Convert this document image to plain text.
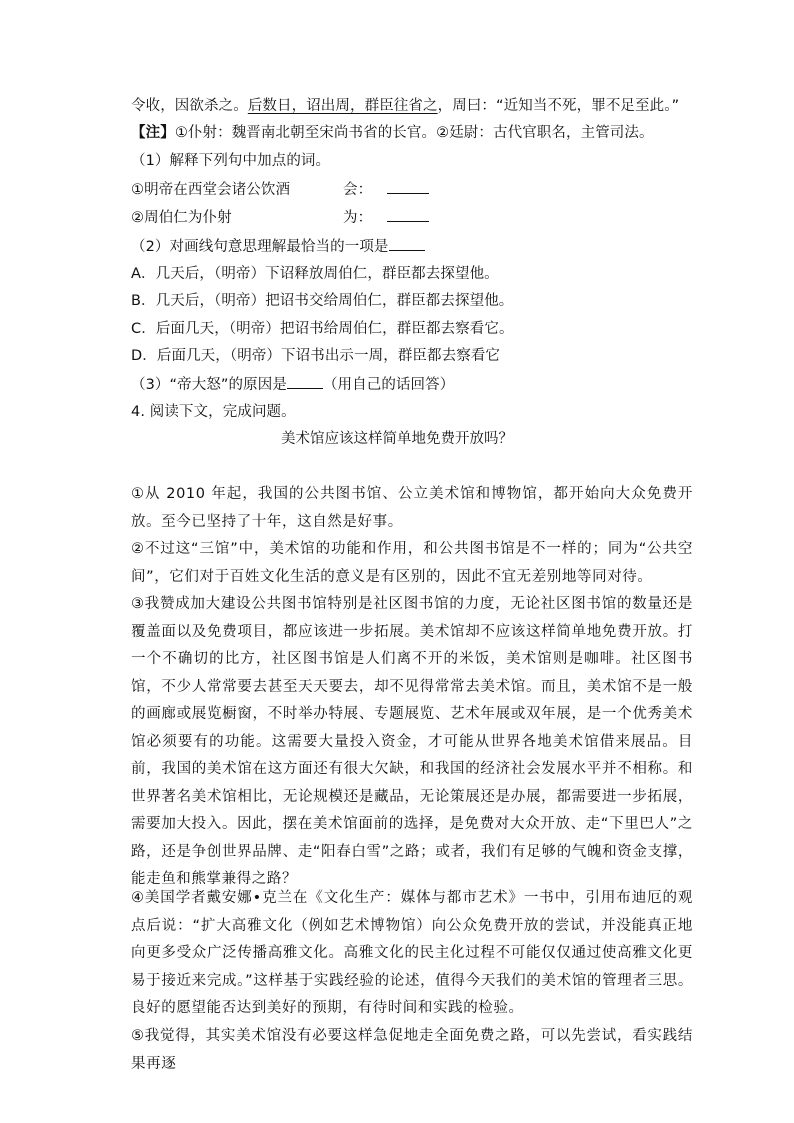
令收，因欲杀之。后数日，诏出周，群臣往省之，周曰：“近知当不死，罪不足至此。”
【注】①仆射：魏晋南北朝至宋尚书省的长官。②廷尉：古代官职名，主管司法。
（1）解释下列句中加点的词。
①明帝在西堂会诸公饮酒	会：
②周伯仁为仆射	为：
（2）对画线句意思理解最恰当的一项是
A．几天后，（明帝）下诏释放周伯仁，群臣都去探望他。
B．几天后，（明帝）把诏书交给周伯仁，群臣都去探望他。
C．后面几天，（明帝）把诏书给周伯仁，群臣都去察看它。
D．后面几天，（明帝）下诏书出示一周，群臣都去察看它
（3）“帝大怒”的原因是 （用自己的话回答）
4. 阅读下文，完成问题。
美术馆应该这样简单地免费开放吗？
①从 2010 年起，我国的公共图书馆、公立美术馆和博物馆，都开始向大众免费开放。至今已坚持了十年，这自然是好事。
②不过这“三馆”中，美术馆的功能和作用，和公共图书馆是不一样的；同为“公共空间”，它们对于百姓文化生活的意义是有区别的，因此不宜无差别地等同对待。
③我赞成加大建设公共图书馆特别是社区图书馆的力度，无论社区图书馆的数量还是覆盖面以及免费项目，都应该进一步拓展。美术馆却不应该这样简单地免费开放。打一个不确切的比方，社区图书馆是人们离不开的米饭，美术馆则是咖啡。社区图书馆，不少人常常要去甚至天天要去，却不见得常常去美术馆。而且，美术馆不是一般的画廊或展览橱窗，不时举办特展、专题展览、艺术年展或双年展，是一个优秀美术馆必须要有的功能。这需要大量投入资金，才可能从世界各地美术馆借来展品。目前，我国的美术馆在这方面还有很大欠缺，和我国的经济社会发展水平并不相称。和世界著名美术馆相比，无论规模还是藏品，无论策展还是办展，都需要进一步拓展，需要加大投入。因此，摆在美术馆面前的选择，是免费对大众开放、走“下里巴人”之路，还是争创世界品牌、走“阳春白雪”之路；或者，我们有足够的气魄和资金支撑，能走鱼和熊掌兼得之路？
④美国学者戴安娜•克兰在《文化生产：媒体与都市艺术》一书中，引用布迪厄的观点后说：“扩大高雅文化（例如艺术博物馆）向公众免费开放的尝试，并没能真正地向更多受众广泛传播高雅文化。高雅文化的民主化过程不可能仅仅通过使高雅文化更易于接近来完成。”这样基于实践经验的论述，值得今天我们的美术馆的管理者三思。良好的愿望能否达到美好的预期，有待时间和实践的检验。
⑤我觉得，其实美术馆没有必要这样急促地走全面免费之路，可以先尝试，看实践结果再逐
